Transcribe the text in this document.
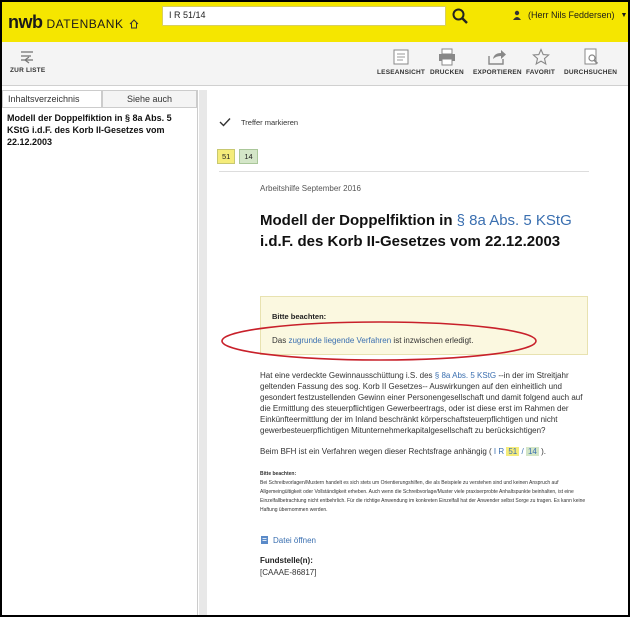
nwb DATENBANK
I R 51/14	(Herr Nils Feddersen) ▼
ZUR LISTE	LESEANSICHT DRUCKEN EXPORTIEREN FAVORIT DURCHSUCHEN
Inhaltsverzeichnis	Siehe auch
Modell der Doppelfiktion in § 8a Abs. 5 KStG i.d.F. des Korb II-Gesetzes vom 22.12.2003
Treffer markieren
51	14
Arbeitshilfe September 2016
Modell der Doppelfiktion in § 8a Abs. 5 KStG i.d.F. des Korb II-Gesetzes vom 22.12.2003
Bitte beachten:
Das zugrunde liegende Verfahren ist inzwischen erledigt.
Hat eine verdeckte Gewinnausschüttung i.S. des § 8a Abs. 5 KStG --in der im Streitjahr geltenden Fassung des sog. Korb II Gesetzes-- Auswirkungen auf den einheitlich und gesondert festzustellenden Gewinn einer Personengesellschaft und damit folgend auch auf die Ermittlung des steuerpflichtigen Gewerbeertrags, oder ist diese erst im Rahmen der Einkünfteermittlung der im Inland beschränkt körperschaftsteuerpflichtigen und nicht gewerbesteuerpflichtigen Mitunternehmerkapitalgesellschaft zu berücksichtigen?
Beim BFH ist ein Verfahren wegen dieser Rechtsfrage anhängig ( I R 51 / 14 ).
Bitte beachten:
Bei Schreibvorlagen/Mustern handelt es sich stets um Orientierungshilfen, die als Beispiele zu verstehen sind und keinen Anspruch auf Allgemeingültigkeit oder Vollständigkeit erheben. Auch wenn die Schreibvorlage/Muster viele praxiserprobte Anhaltspunkte beinhalten, ist eine Einzelfallbetrachtung nicht entbehrlich. Für die richtige Anwendung im konkreten Einzelfall hat der Anwender selbst Sorge zu tragen. Es kann keine Haftung übernommen werden.
Datei öffnen
Fundstelle(n):
[CAAAE-86817]
